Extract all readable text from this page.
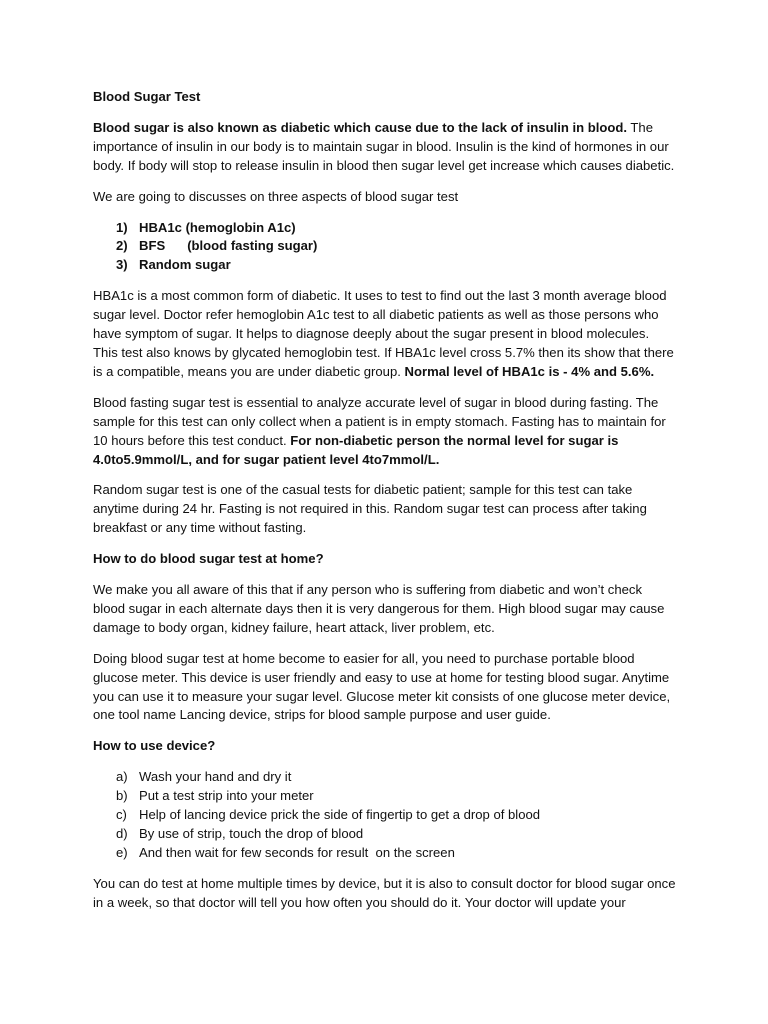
Blood Sugar Test

Blood sugar is also known as diabetic which cause due to the lack of insulin in blood. The importance of insulin in our body is to maintain sugar in blood. Insulin is the kind of hormones in our body. If body will stop to release insulin in blood then sugar level get increase which causes diabetic.

We are going to discusses on three aspects of blood sugar test

1) HBA1c (hemoglobin A1c)
2) BFS (blood fasting sugar)
3) Random sugar

HBA1c is a most common form of diabetic. It uses to test to find out the last 3 month average blood sugar level. Doctor refer hemoglobin A1c test to all diabetic patients as well as those persons who have symptom of sugar. It helps to diagnose deeply about the sugar present in blood molecules. This test also knows by glycated hemoglobin test. If HBA1c level cross 5.7% then its show that there is a compatible, means you are under diabetic group. Normal level of HBA1c is - 4% and 5.6%.

Blood fasting sugar test is essential to analyze accurate level of sugar in blood during fasting. The sample for this test can only collect when a patient is in empty stomach. Fasting has to maintain for 10 hours before this test conduct. For non-diabetic person the normal level for sugar is 4.0to5.9mmol/L, and for sugar patient level 4to7mmol/L.

Random sugar test is one of the casual tests for diabetic patient; sample for this test can take anytime during 24 hr. Fasting is not required in this. Random sugar test can process after taking breakfast or any time without fasting.

How to do blood sugar test at home?

We make you all aware of this that if any person who is suffering from diabetic and won’t check blood sugar in each alternate days then it is very dangerous for them. High blood sugar may cause damage to body organ, kidney failure, heart attack, liver problem, etc.

Doing blood sugar test at home become to easier for all, you need to purchase portable blood glucose meter. This device is user friendly and easy to use at home for testing blood sugar. Anytime you can use it to measure your sugar level. Glucose meter kit consists of one glucose meter device, one tool name Lancing device, strips for blood sample purpose and user guide.

How to use device?
a) Wash your hand and dry it
b) Put a test strip into your meter
c) Help of lancing device prick the side of fingertip to get a drop of blood
d) By use of strip, touch the drop of blood
e) And then wait for few seconds for result  on the screen

You can do test at home multiple times by device, but it is also to consult doctor for blood sugar once in a week, so that doctor will tell you how often you should do it. Your doctor will update your
